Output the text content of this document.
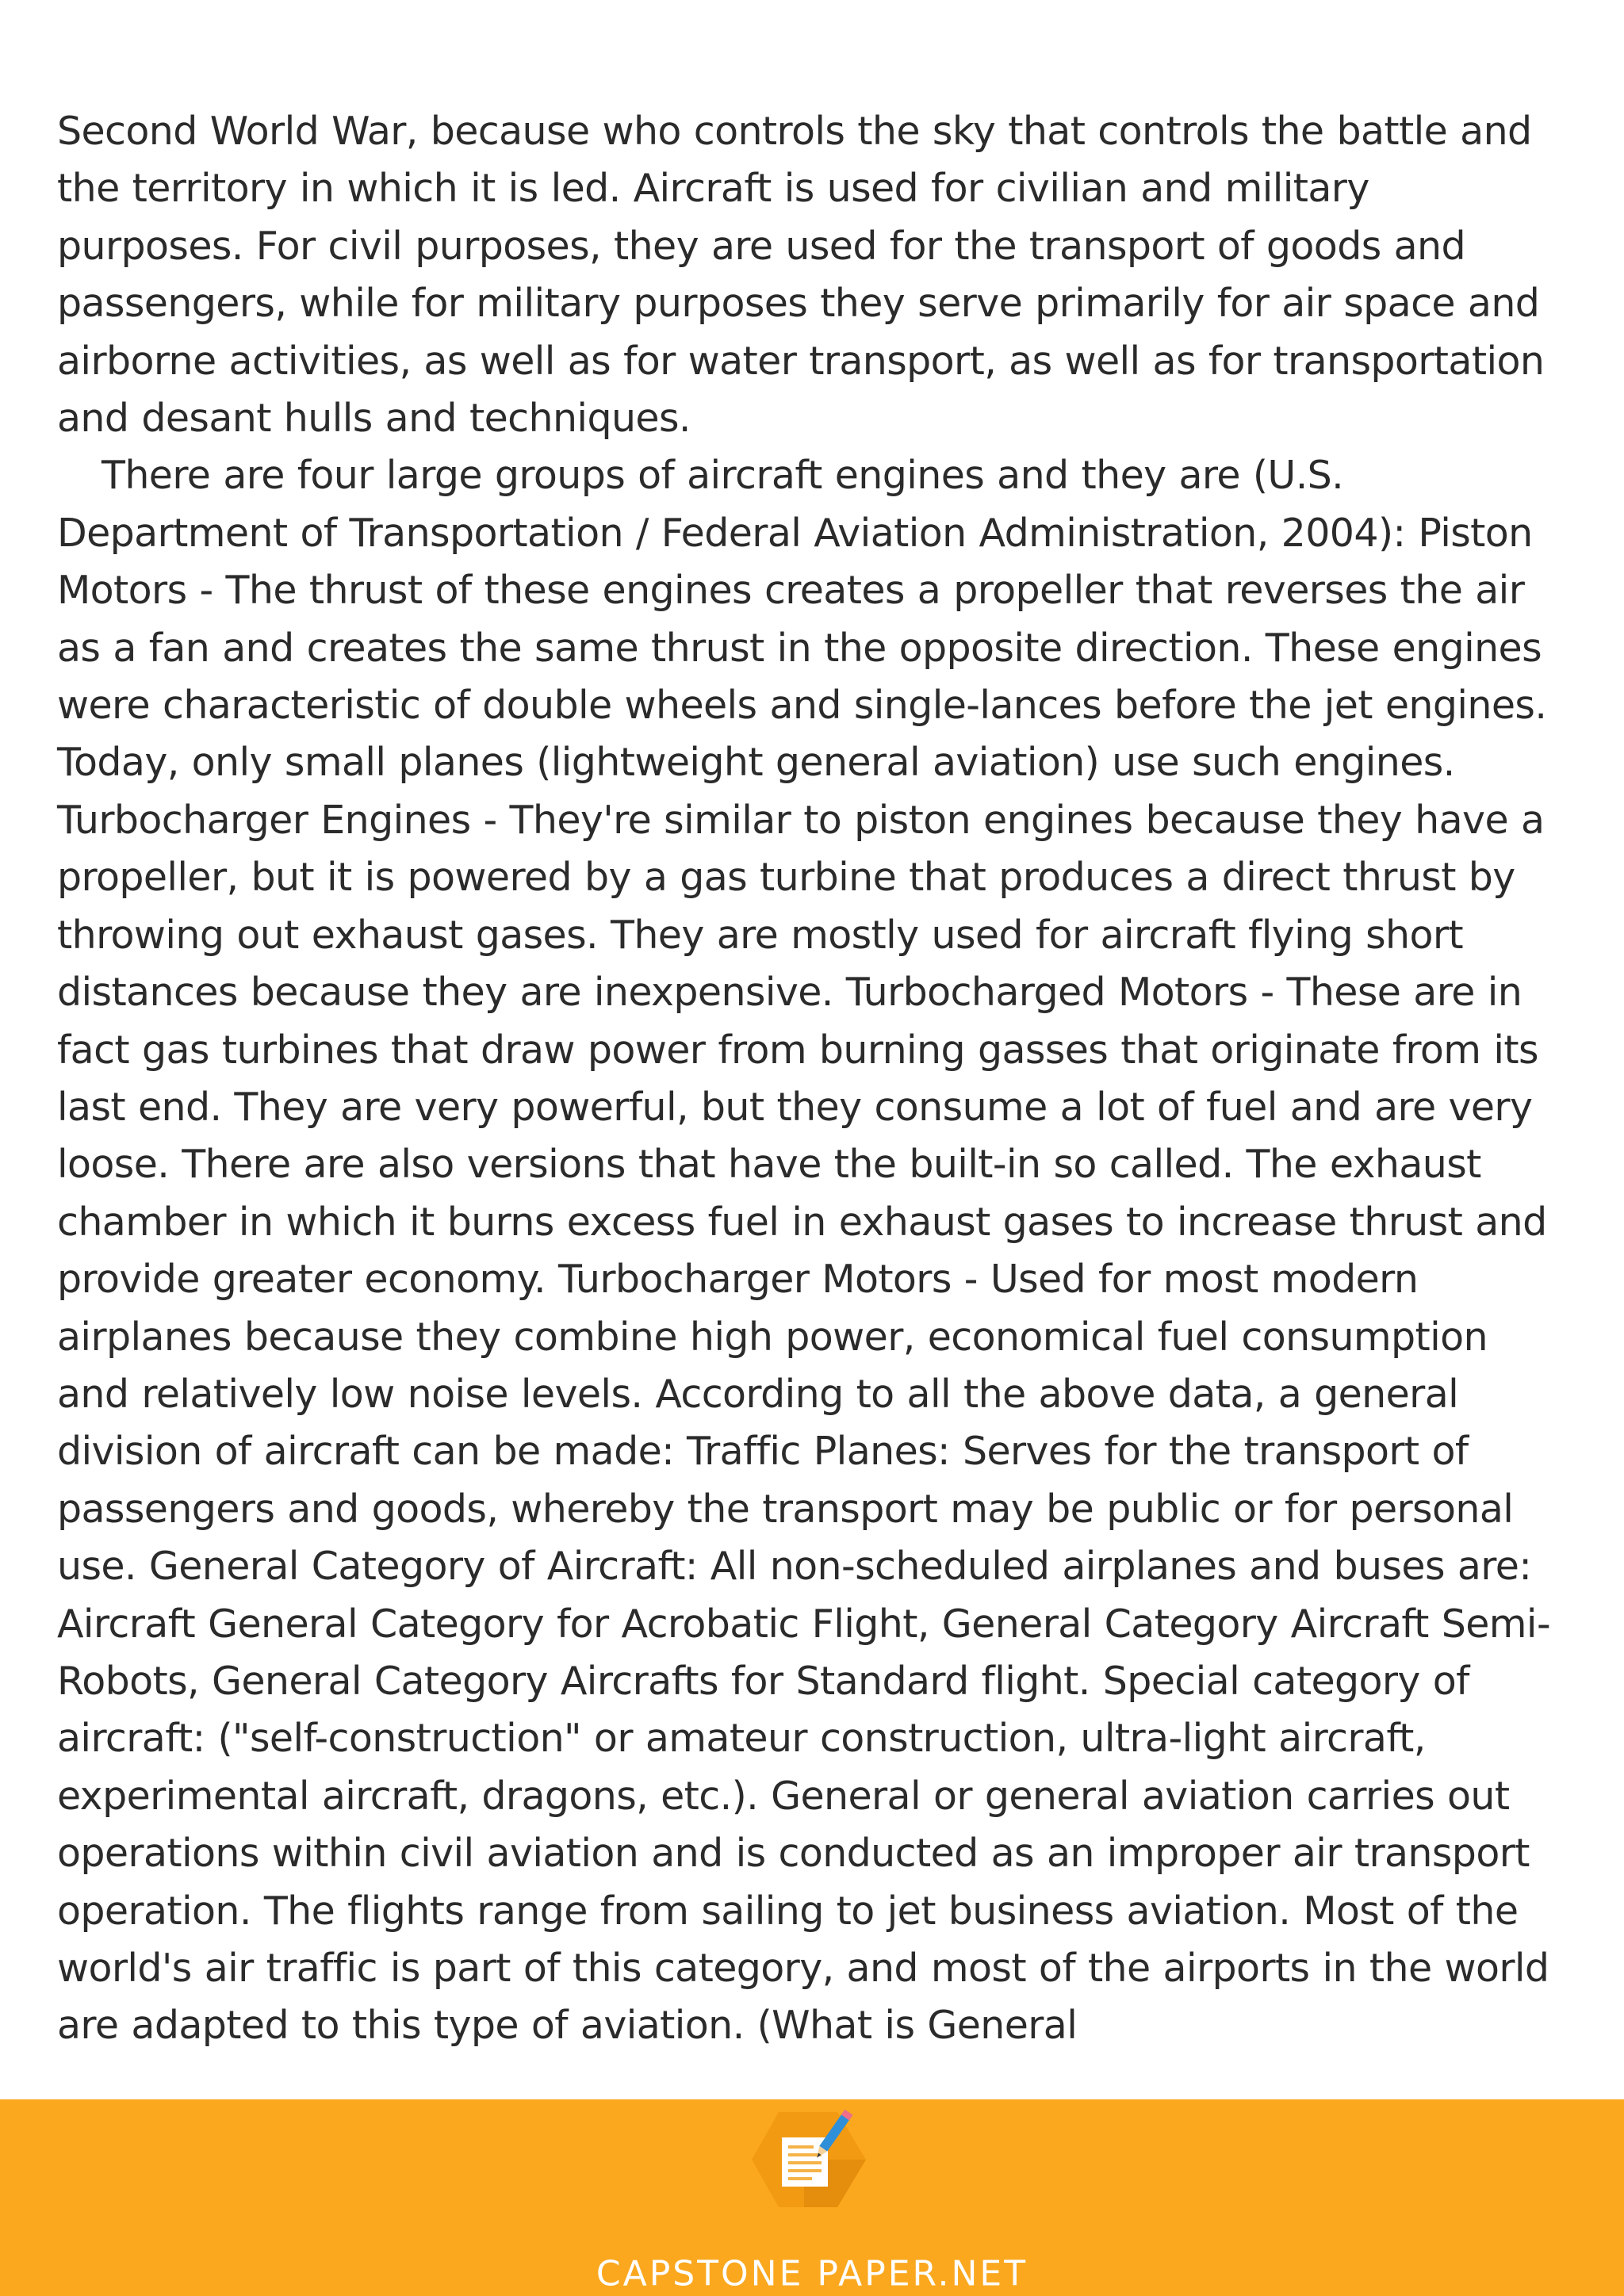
Second World War, because who controls the sky that controls the battle and the territory in which it is led. Aircraft is used for civilian and military purposes. For civil purposes, they are used for the transport of goods and passengers, while for military purposes they serve primarily for air space and airborne activities, as well as for water transport, as well as for transportation and desant hulls and techniques.

There are four large groups of aircraft engines and they are (U.S. Department of Transportation / Federal Aviation Administration, 2004): Piston Motors - The thrust of these engines creates a propeller that reverses the air as a fan and creates the same thrust in the opposite direction. These engines were characteristic of double wheels and single-lances before the jet engines. Today, only small planes (lightweight general aviation) use such engines. Turbocharger Engines - They're similar to piston engines because they have a propeller, but it is powered by a gas turbine that produces a direct thrust by throwing out exhaust gases. They are mostly used for aircraft flying short distances because they are inexpensive. Turbocharged Motors - These are in fact gas turbines that draw power from burning gasses that originate from its last end. They are very powerful, but they consume a lot of fuel and are very loose. There are also versions that have the built-in so called. The exhaust chamber in which it burns excess fuel in exhaust gases to increase thrust and provide greater economy. Turbocharger Motors - Used for most modern airplanes because they combine high power, economical fuel consumption and relatively low noise levels. According to all the above data, a general division of aircraft can be made: Traffic Planes: Serves for the transport of passengers and goods, whereby the transport may be public or for personal use. General Category of Aircraft: All non-scheduled airplanes and buses are: Aircraft General Category for Acrobatic Flight, General Category Aircraft Semi-Robots, General Category Aircrafts for Standard flight. Special category of aircraft: ("self-construction" or amateur construction, ultra-light aircraft, experimental aircraft, dragons, etc.). General or general aviation carries out operations within civil aviation and is conducted as an improper air transport operation. The flights range from sailing to jet business aviation. Most of the world's air traffic is part of this category, and most of the airports in the world are adapted to this type of aviation. (What is General

CAPSTONE PAPER.NET
